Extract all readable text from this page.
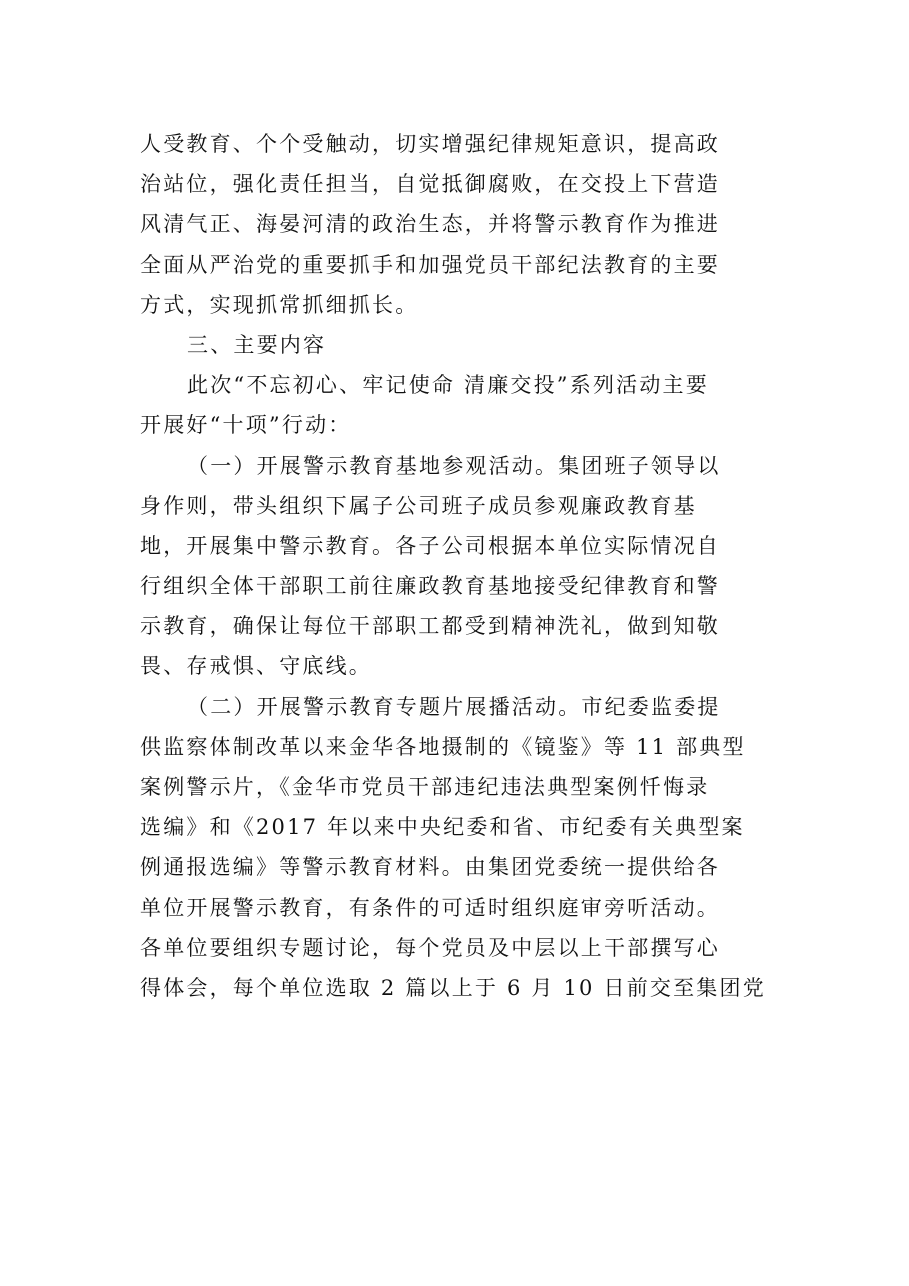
人受教育、个个受触动，切实增强纪律规矩意识，提高政
治站位，强化责任担当，自觉抵御腐败，在交投上下营造
风清气正、海晏河清的政治生态，并将警示教育作为推进
全面从严治党的重要抓手和加强党员干部纪法教育的主要
方式，实现抓常抓细抓长。
三、主要内容
此次“不忘初心、牢记使命 清廉交投”系列活动主要
开展好“十项”行动：
（一）开展警示教育基地参观活动。集团班子领导以
身作则，带头组织下属子公司班子成员参观廉政教育基
地，开展集中警示教育。各子公司根据本单位实际情况自
行组织全体干部职工前往廉政教育基地接受纪律教育和警
示教育，确保让每位干部职工都受到精神洗礼，做到知敬
畏、存戒惧、守底线。
（二）开展警示教育专题片展播活动。市纪委监委提
供监察体制改革以来金华各地摄制的《镜鉴》等 11 部典型
案例警示片，《金华市党员干部违纪违法典型案例忏悔录
选编》和《2017 年以来中央纪委和省、市纪委有关典型案
例通报选编》等警示教育材料。由集团党委统一提供给各
单位开展警示教育，有条件的可适时组织庭审旁听活动。
各单位要组织专题讨论，每个党员及中层以上干部撰写心
得体会，每个单位选取 2 篇以上于 6 月 10 日前交至集团党
